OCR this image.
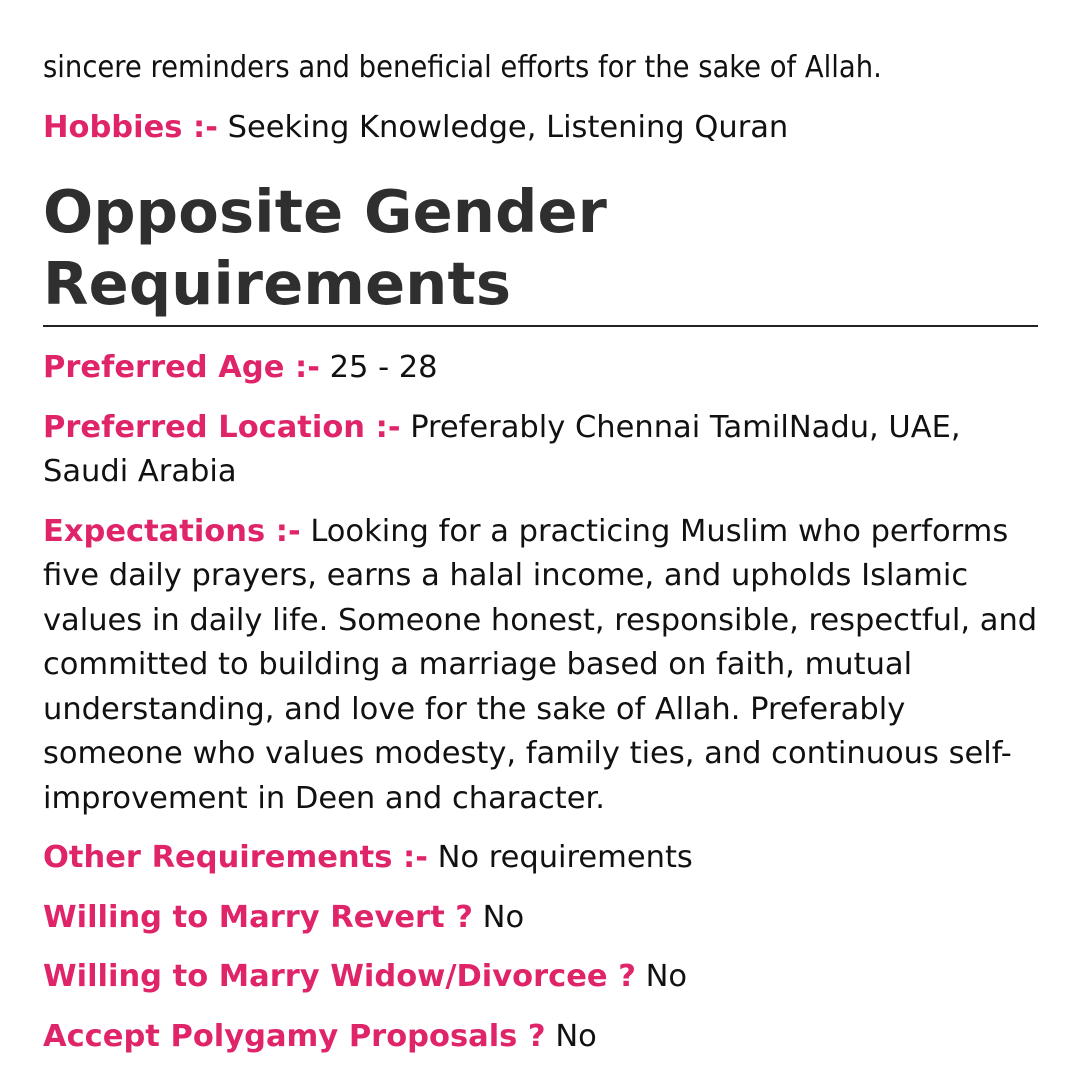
sincere reminders and beneficial efforts for the sake of Allah.

Hobbies :- Seeking Knowledge, Listening Quran

Opposite Gender Requirements

Preferred Age :- 25 - 28

Preferred Location :- Preferably Chennai TamilNadu, UAE, Saudi Arabia

Expectations :- Looking for a practicing Muslim who performs five daily prayers, earns a halal income, and upholds Islamic values in daily life. Someone honest, responsible, respectful, and committed to building a marriage based on faith, mutual understanding, and love for the sake of Allah. Preferably someone who values modesty, family ties, and continuous self-improvement in Deen and character.

Other Requirements :- No requirements

Willing to Marry Revert ? No

Willing to Marry Widow/Divorcee ? No

Accept Polygamy Proposals ? No
